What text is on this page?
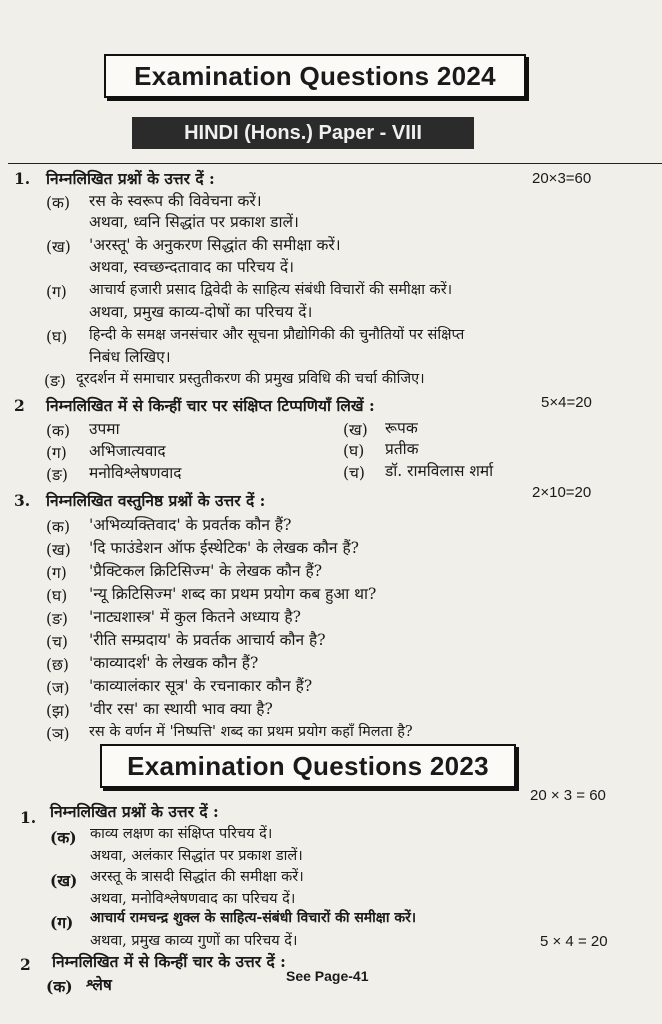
Examination Questions 2024
HINDI (Hons.) Paper - VIII
1. निम्नलिखित प्रश्नों के उत्तर दें :	20×3=60
(क) रस के स्वरूप की विवेचना करें।
अथवा, ध्वनि सिद्धांत पर प्रकाश डालें।
(ख) 'अरस्तू' के अनुकरण सिद्धांत की समीक्षा करें।
अथवा, स्वच्छन्दतावाद का परिचय दें।
(ग) आचार्य हजारी प्रसाद द्विवेदी के साहित्य संबंधी विचारों की समीक्षा करें।
अथवा, प्रमुख काव्य-दोषों का परिचय दें।
(घ) हिन्दी के समक्ष जनसंचार और सूचना प्रौद्योगिकी की चुनौतियों पर संक्षिप्त
निबंध लिखिए।
(ङ) दूरदर्शन में समाचार प्रस्तुतीकरण की प्रमुख प्रविधि की चर्चा कीजिए।
2 निम्नलिखित में से किन्हीं चार पर संक्षिप्त टिप्पणियाँ लिखें :	5×4=20
(क) उपमा	(ख) रूपक
(ग) अभिजात्यवाद	(घ) प्रतीक
(ङ) मनोविश्लेषणवाद	(च) डॉ. रामविलास शर्मा
3. निम्नलिखित वस्तुनिष्ठ प्रश्नों के उत्तर दें :	2×10=20
(क) 'अभिव्यक्तिवाद' के प्रवर्तक कौन हैं?
(ख) 'दि फाउंडेशन ऑफ ईस्थेटिक' के लेखक कौन हैं?
(ग) 'प्रैक्टिकल क्रिटिसिज्म' के लेखक कौन हैं?
(घ) 'न्यू क्रिटिसिज्म' शब्द का प्रथम प्रयोग कब हुआ था?
(ङ) 'नाट्यशास्त्र' में कुल कितने अध्याय है?
(च) 'रीति सम्प्रदाय' के प्रवर्तक आचार्य कौन है?
(छ) 'काव्यादर्श' के लेखक कौन हैं?
(ज) 'काव्यालंकार सूत्र' के रचनाकार कौन हैं?
(झ) 'वीर रस' का स्थायी भाव क्या है?
(ञ) रस के वर्णन में 'निष्पत्ति' शब्द का प्रथम प्रयोग कहाँ मिलता है?
Examination Questions 2023
20 × 3 = 60
1. निम्नलिखित प्रश्नों के उत्तर दें :
(क) काव्य लक्षण का संक्षिप्त परिचय दें।
अथवा, अलंकार सिद्धांत पर प्रकाश डालें।
(ख) अरस्तू के त्रासदी सिद्धांत की समीक्षा करें।
अथवा, मनोविश्लेषणवाद का परिचय दें।
(ग) आचार्य रामचन्द्र शुक्ल के साहित्य-संबंधी विचारों की समीक्षा करें।
अथवा, प्रमुख काव्य गुणों का परिचय दें।
2 निम्नलिखित में से किन्हीं चार के उत्तर दें :
5 × 4 = 20
(क) श्लेष	See Page-41
